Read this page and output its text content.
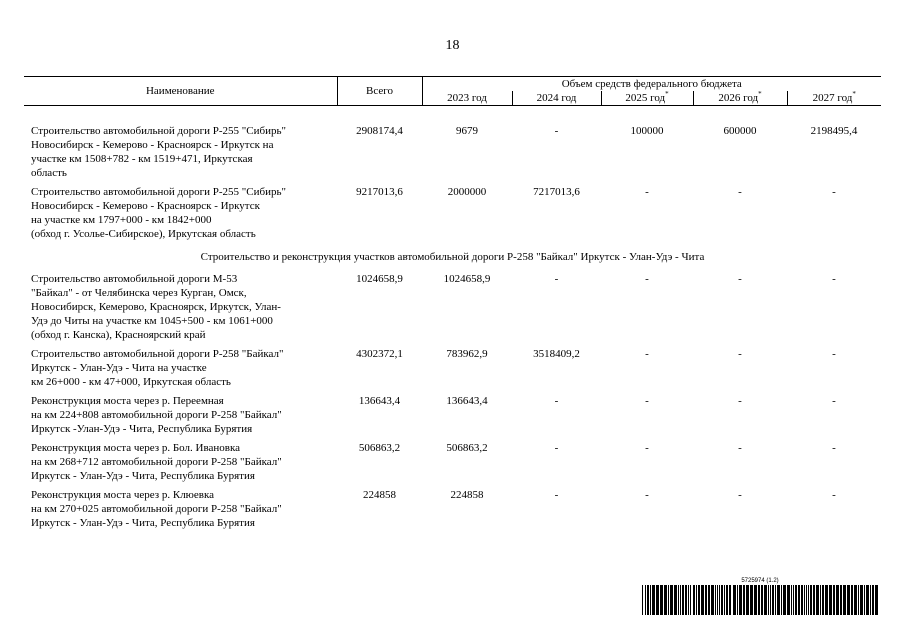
18
Наименование	Всего	Объем средств федерального бюджета				
		2023 год	2024 год	2025 год*	2026 год*	2027 год*

Строительство автомобильной дороги Р-255 "Сибирь"
Новосибирск - Кемерово - Красноярск - Иркутск на
участке км 1508+782 - км 1519+471, Иркутская
область	2908174,4	9679	-	100000	600000	2198495,4
Строительство автомобильной дороги Р-255 "Сибирь"
Новосибирск - Кемерово - Красноярск - Иркутск
на участке км 1797+000 - км 1842+000
(обход г. Усолье-Сибирское), Иркутская область	9217013,6	2000000	7217013,6	-	-	-
Строительство и реконструкция участков автомобильной дороги Р-258 "Байкал" Иркутск - Улан-Удэ - Чита						
Строительство автомобильной дороги М-53
"Байкал" - от Челябинска через Курган, Омск,
Новосибирск, Кемерово, Красноярск, Иркутск, Улан-
Удэ до Читы на участке км 1045+500 - км 1061+000
(обход г. Канска), Красноярский край	1024658,9	1024658,9	-	-	-	-
Строительство автомобильной дороги Р-258 "Байкал"
Иркутск - Улан-Удэ - Чита на участке
км 26+000 - км 47+000, Иркутская область	4302372,1	783962,9	3518409,2	-	-	-
Реконструкция моста через р. Переемная
на км 224+808 автомобильной дороги Р-258 "Байкал"
Иркутск -Улан-Удэ - Чита, Республика Бурятия	136643,4	136643,4	-	-	-	-
Реконструкция моста через р. Бол. Ивановка
на км 268+712 автомобильной дороги Р-258 "Байкал"
Иркутск - Улан-Удэ - Чита, Республика Бурятия	506863,2	506863,2	-	-	-	-
Реконструкция моста через р. Клюевка
на км 270+025 автомобильной дороги Р-258 "Байкал"
Иркутск - Улан-Удэ - Чита, Республика Бурятия	224858	224858	-	-	-	-
5725974 (1.2)
